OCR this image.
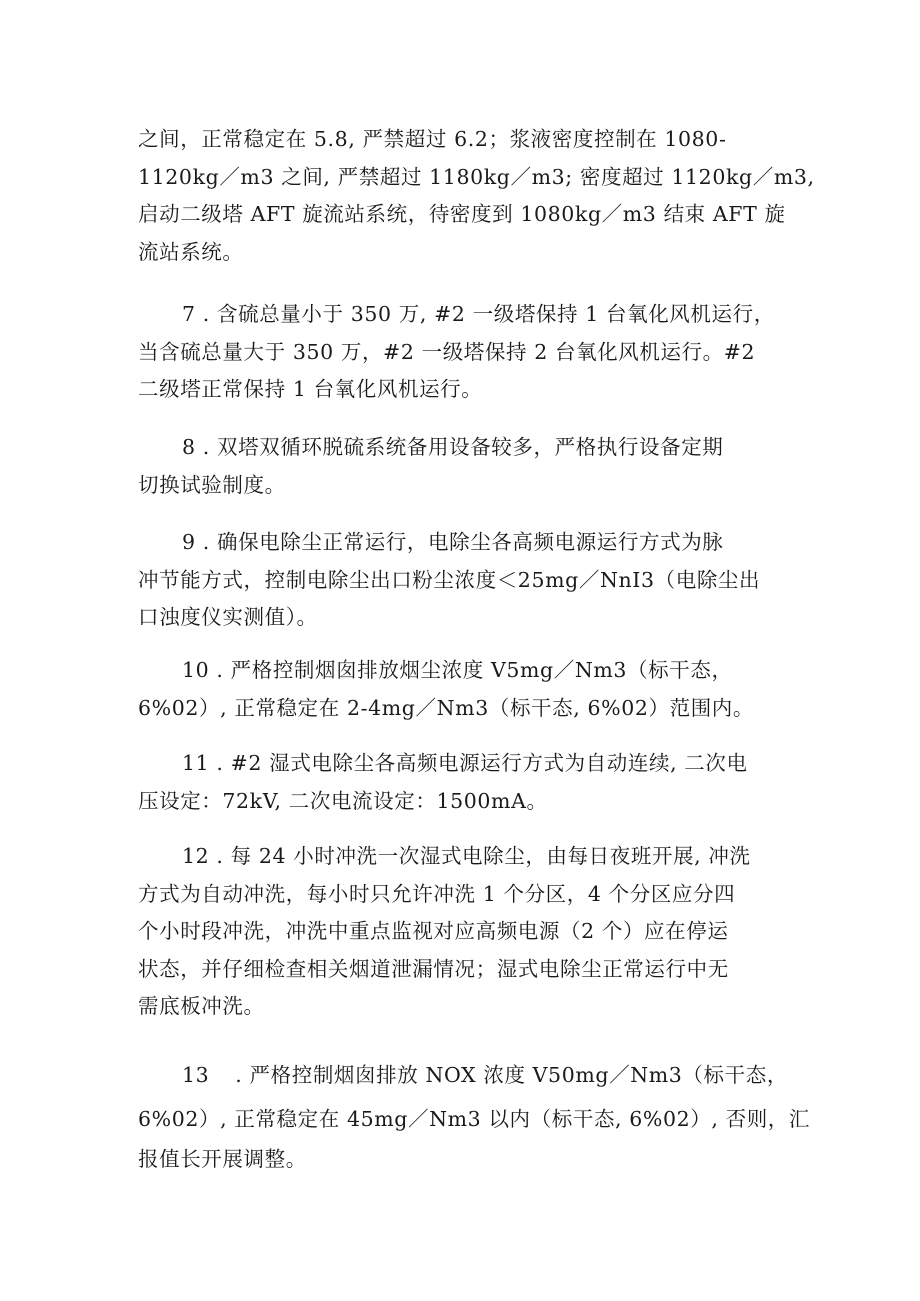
之间，正常稳定在 5.8, 严禁超过 6.2；浆液密度控制在 1080-
1120kg／m3 之间, 严禁超过 1180kg／m3; 密度超过 1120kg／m3,
启动二级塔 AFT 旋流站系统，待密度到 1080kg／m3 结束 AFT 旋
流站系统。
7 . 含硫总量小于 350 万, #2 一级塔保持 1 台氧化风机运行，
当含硫总量大于 350 万，#2 一级塔保持 2 台氧化风机运行。#2
二级塔正常保持 1 台氧化风机运行。
8 . 双塔双循环脱硫系统备用设备较多，严格执行设备定期
切换试验制度。
9 . 确保电除尘正常运行，电除尘各高频电源运行方式为脉
冲节能方式，控制电除尘出口粉尘浓度＜25mg／NnI3（电除尘出
口浊度仪实测值）。
10 . 严格控制烟囱排放烟尘浓度 V5mg／Nm3（标干态，
6%02）, 正常稳定在 2-4mg／Nm3（标干态, 6%02）范围内。
11 . #2 湿式电除尘各高频电源运行方式为自动连续, 二次电
压设定：72kV, 二次电流设定：1500mA。
12 . 每 24 小时冲洗一次湿式电除尘，由每日夜班开展, 冲洗
方式为自动冲洗，每小时只允许冲洗 1 个分区，4 个分区应分四
个小时段冲洗，冲洗中重点监视对应高频电源（2 个）应在停运
状态，并仔细检查相关烟道泄漏情况；湿式电除尘正常运行中无
需底板冲洗。
13 . 严格控制烟囱排放 NOX 浓度 V50mg／Nm3（标干态，
6%02）, 正常稳定在 45mg／Nm3 以内（标干态, 6%02）, 否则，汇
报值长开展调整。
